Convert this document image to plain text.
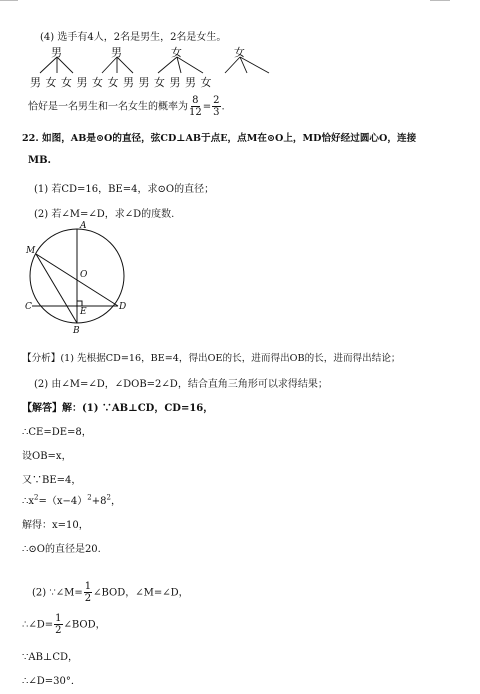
(4) 选手有4人，2名是男生，2名是女生。
男	男	女	女
男 女 女 男 女 女 男 男 女 男 男 女
恰好是一名男生和一名女生的概率为 $\frac{8}{12} = \frac{2}{3}$ .
22. 如图，AB是⊙O的直径，弦CD⊥AB于点E，点M在⊙O上，MD恰好经过圆心O，连接
MB.
(1) 若CD=16，BE=4，求⊙O的直径；
(2) 若∠M=∠D，求∠D的度数.
A
M
O
C	E	D
B
【分析】(1) 先根据CD=16，BE=4，得出OE的长，进而得出OB的长，进而得出结论；
(2) 由∠M=∠D，∠DOB=2∠D，结合直角三角形可以求得结果；
【解答】解：(1) ∵AB⊥CD，CD=16，
∴CE=DE=8，
设OB=x，
又∵BE=4，
$\therefore x^2=(x-4)^2+8^2$，
解得：x=10，
∴⊙O的直径是20.
(2) ∵∠M= $\frac{1}{2}$ ∠BOD，∠M=∠D，
∴∠D= $\frac{1}{2}$ ∠BOD，
∵AB⊥CD，
∴∠D=30°．
